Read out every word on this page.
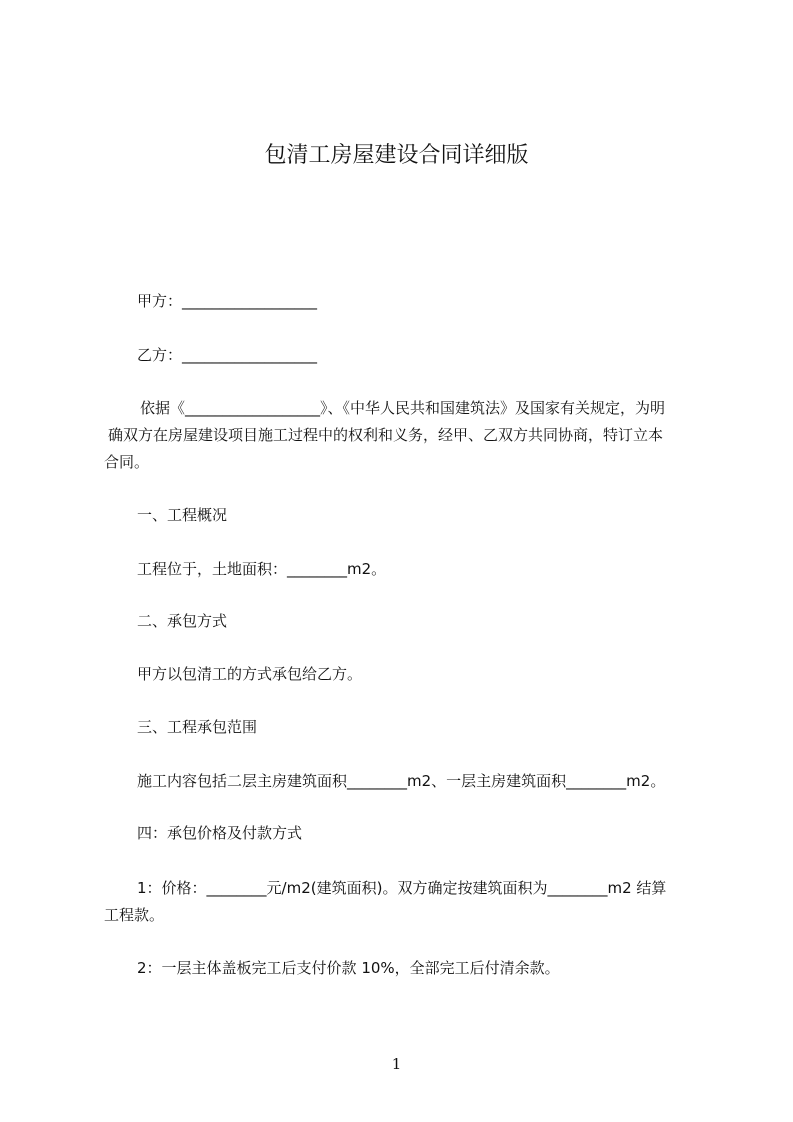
包清工房屋建设合同详细版
甲方：__________________
乙方：__________________
依据《__________________》、《中华人民共和国建筑法》及国家有关规定，为明
确双方在房屋建设项目施工过程中的权利和义务，经甲、乙双方共同协商，特订立本
合同。
一、工程概况
工程位于，土地面积：________m2。
二、承包方式
甲方以包清工的方式承包给乙方。
三、工程承包范围
施工内容包括二层主房建筑面积________m2、一层主房建筑面积________m2。
四：承包价格及付款方式
1：价格：________元/m2(建筑面积)。双方确定按建筑面积为________m2 结算
工程款。
2：一层主体盖板完工后支付价款 10%，全部完工后付清余款。
1
